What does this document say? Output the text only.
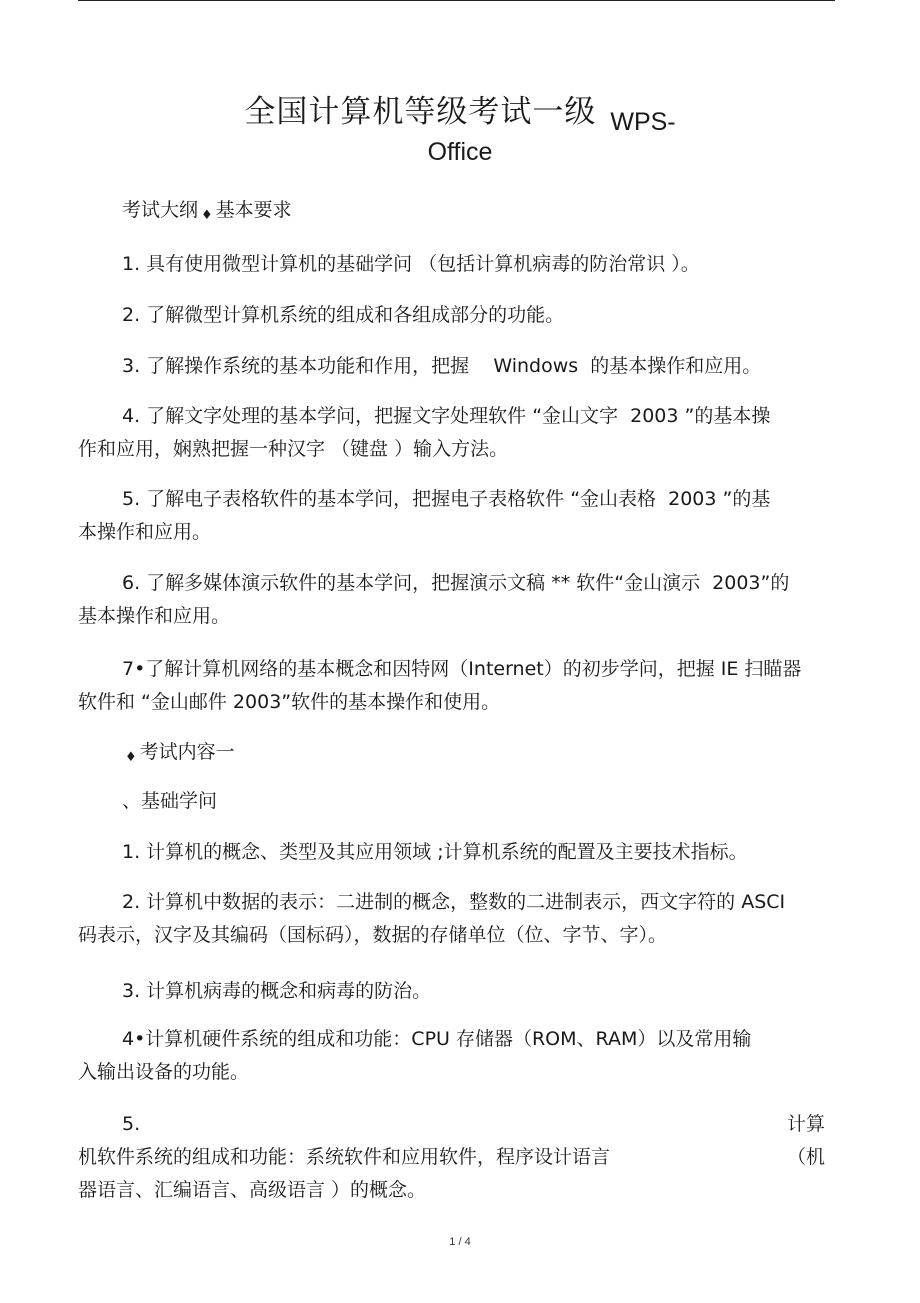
全国计算机等级考试一级 WPS-
Office
考试大纲 ♦ 基本要求
1. 具有使用微型计算机的基础学问 （包括计算机病毒的防治常识 ）。
2. 了解微型计算机系统的组成和各组成部分的功能。
3. 了解操作系统的基本功能和作用，把握    Windows  的基本操作和应用。
4. 了解文字处理的基本学问，把握文字处理软件 “金山文字  2003 ”的基本操
作和应用，娴熟把握一种汉字 （键盘 ）输入方法。
5. 了解电子表格软件的基本学问，把握电子表格软件 “金山表格  2003 ”的基
本操作和应用。
6. 了解多媒体演示软件的基本学问，把握演示文稿 ** 软件“金山演示  2003”的
基本操作和应用。
7•了解计算机网络的基本概念和因特网（Internet）的初步学问，把握 IE 扫瞄器
软件和 “金山邮件 2003”软件的基本操作和使用。
♦ 考试内容一
、基础学问
1. 计算机的概念、类型及其应用领域 ;计算机系统的配置及主要技术指标。
2. 计算机中数据的表示：二进制的概念，整数的二进制表示，西文字符的 ASCI
码表示，汉字及其编码（国标码），数据的存储单位（位、字节、字）。
3. 计算机病毒的概念和病毒的防治。
4•计算机硬件系统的组成和功能：CPU 存储器（ROM、RAM）以及常用输
入输出设备的功能。
5.	计算
机软件系统的组成和功能：系统软件和应用软件，程序设计语言	（机
器语言、汇编语言、高级语言 ）的概念。
1 / 4
